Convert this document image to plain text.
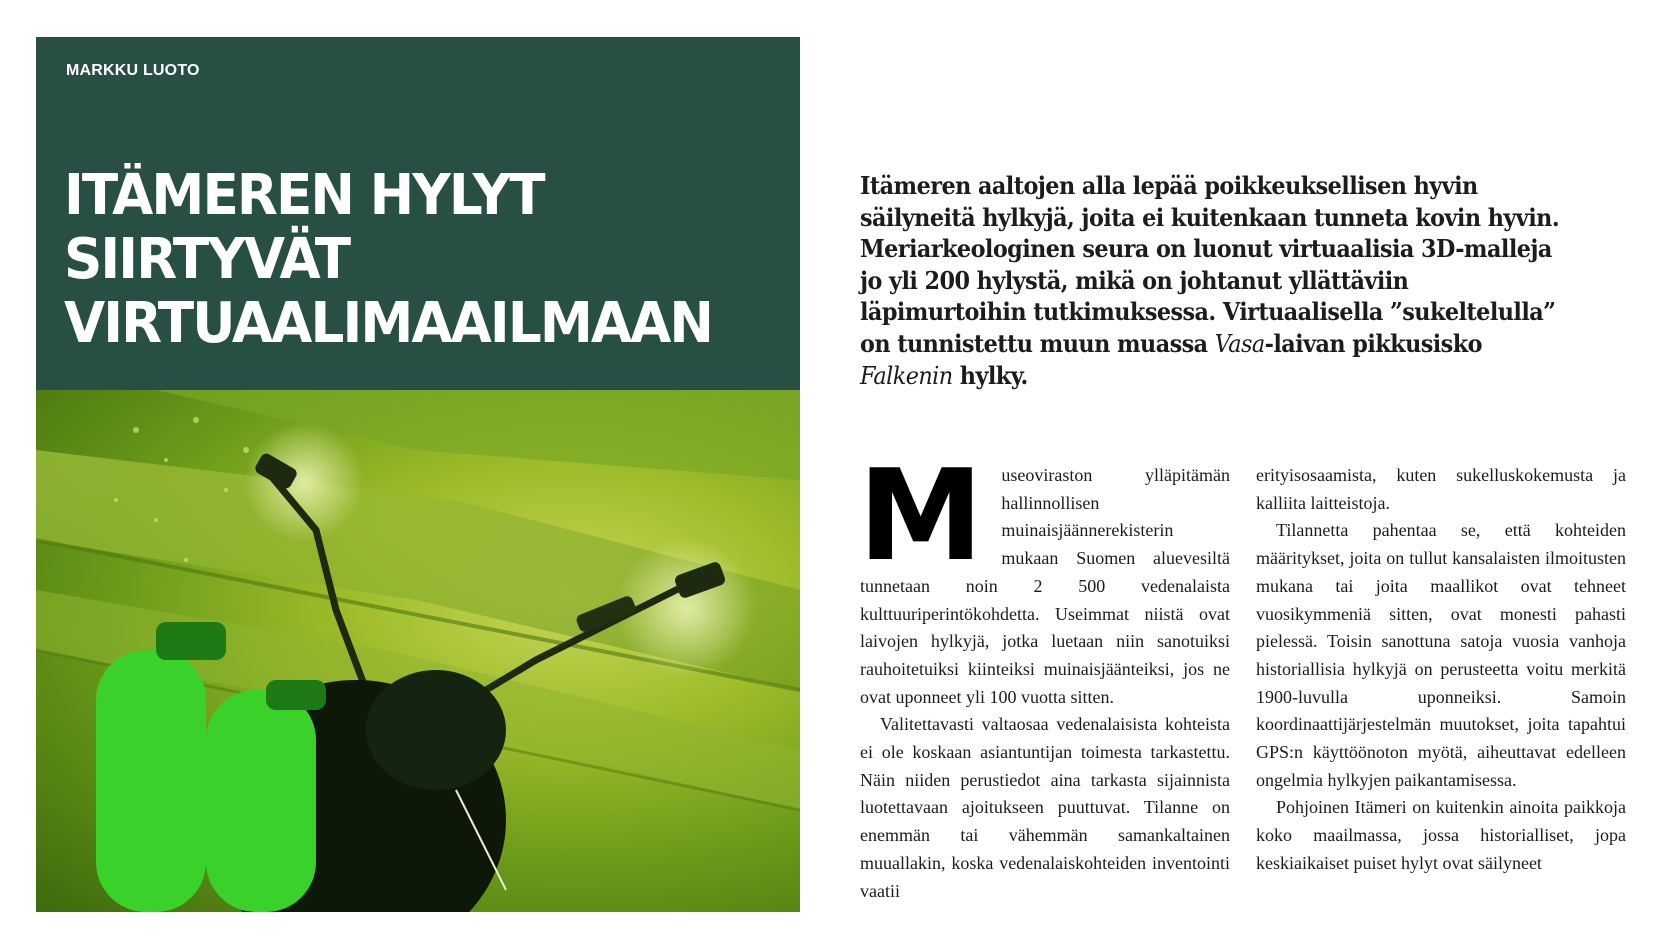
MARKKU LUOTO
ITÄMEREN HYLYT
SIIRTYVÄT
VIRTUAALIMAAILMAAN

Itämeren aaltojen alla lepää poikkeuksellisen hyvin säilyneitä hylkyjä, joita ei kuitenkaan tunneta kovin hyvin. Meriarkeologinen seura on luonut virtuaalisia 3D-malleja jo yli 200 hylystä, mikä on johtanut yllättäviin läpimurtoihin tutkimuksessa. Virtuaalisella ”sukeltelulla” on tunnistettu muun muassa Vasa-laivan pikkusisko Falkenin hylky.

M useoviraston ylläpitämän hallinnollisen muinaisjäännerekisterin mukaan Suomen aluevesiltä tunnetaan noin 2 500 vedenalaista kulttuuriperintökohdetta. Useimmat niistä ovat laivojen hylkyjä, jotka luetaan niin sanotuiksi rauhoitetuiksi kiinteiksi muinaisjäänteiksi, jos ne ovat uponneet yli 100 vuotta sitten.

Valitettavasti valtaosaa vedenalaisista kohteista ei ole koskaan asiantuntijan toimesta tarkastettu. Näin niiden perustiedot aina tarkasta sijainnista luotettavaan ajoitukseen puuttuvat. Tilanne on enemmän tai vähemmän samankaltainen muuallakin, koska vedenalaiskohteiden inventointi vaatii

erityisosaamista, kuten sukelluskokemusta ja kalliita laitteistoja.

Tilannetta pahentaa se, että kohteiden määritykset, joita on tullut kansalaisten ilmoitusten mukana tai joita maallikot ovat tehneet vuosikymmeniä sitten, ovat monesti pahasti pielessä. Toisin sanottuna satoja vuosia vanhoja historiallisia hylkyjä on perusteetta voitu merkitä 1900-luvulla uponneiksi. Samoin koordinaattijärjestelmän muutokset, joita tapahtui GPS:n käyttöönoton myötä, aiheuttavat edelleen ongelmia hylkyjen paikantamisessa.

Pohjoinen Itämeri on kuitenkin ainoita paikkoja koko maailmassa, jossa historialliset, jopa keskiaikaiset puiset hylyt ovat säilyneet
